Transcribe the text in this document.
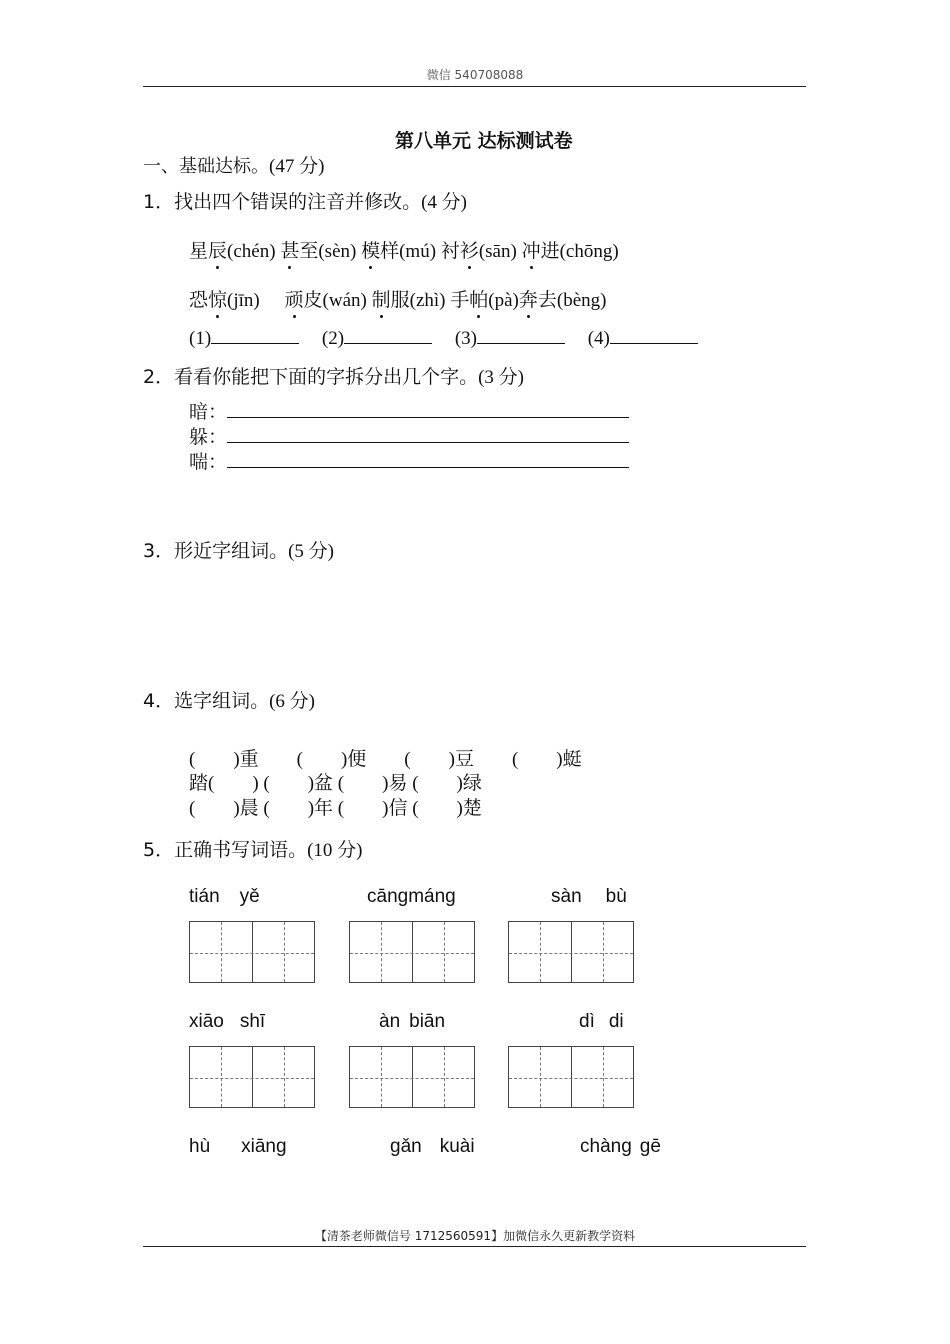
微信 540708088
第八单元 达标测试卷
一、基础达标。(47 分)
1．找出四个错误的注音并修改。(4 分)
星辰(chén) 甚至(sèn) 模样(mú) 衬衫(sān) 冲进(chōng)
恐惊(jīn) 顽皮(wán) 制服(zhì) 手帕(pà)奔去(bèng)
(1)	(2)	(3)	(4)
2．看看你能把下面的字拆分出几个字。(3 分)
暗：
躲：
喘：
3．形近字组词。(5 分)
4．选字组词。(6 分)
(　　)重　　(　　)便　　(　　)豆　　(　　)蜓
踏(　　) (　　)盆 (　　)易 (　　)绿
(　　)晨 (　　)年 (　　)信 (　　)楚
5．正确书写词语。(10 分)
tián yě	cāngmáng	sàn bù
xiāo shī	àn biān	dì di
hù xiāng	gǎn kuài	chàng gē
【清茶老师微信号 1712560591】加微信永久更新教学资料
